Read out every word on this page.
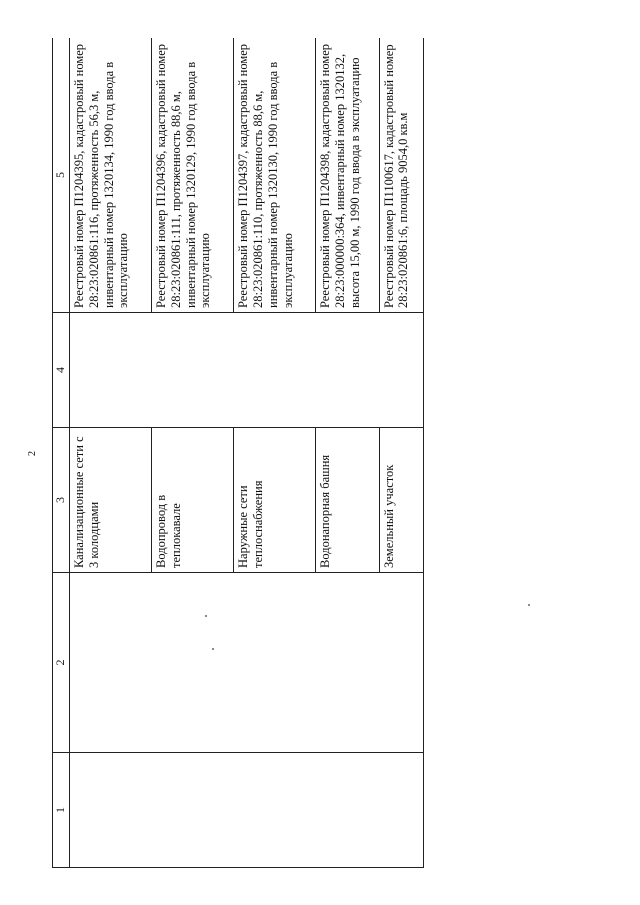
2
1	2	3	4	5
		Канализационные сети с 3 колодцами		Реестровый номер П1204395, кадастровый номер 28:23:020861:116, протяженность 56,3 м, инвентарный номер 1320134, 1990 год ввода в эксплуатацию
		Водопровод в теплокавале		Реестровый номер П1204396, кадастровый номер 28:23:020861:111, протяженность 88,6 м, инвентарный номер 1320129, 1990 год ввода в эксплуатацию
		Наружные сети теплоснабжения		Реестровый номер П1204397, кадастровый номер 28:23:020861:110, протяженность 88,6 м, инвентарный номер 1320130, 1990 год ввода в эксплуатацию
		Водонапорная башня		Реестровый номер П1204398, кадастровый номер 28:23:000000:364, инвентарный номер 1320132, высота 15,00 м, 1990 год ввода в эксплуатацию
		Земельный участок		Реестровый номер П1100617, кадастровый номер 28:23:020861:6, площадь 9054,0 кв.м
